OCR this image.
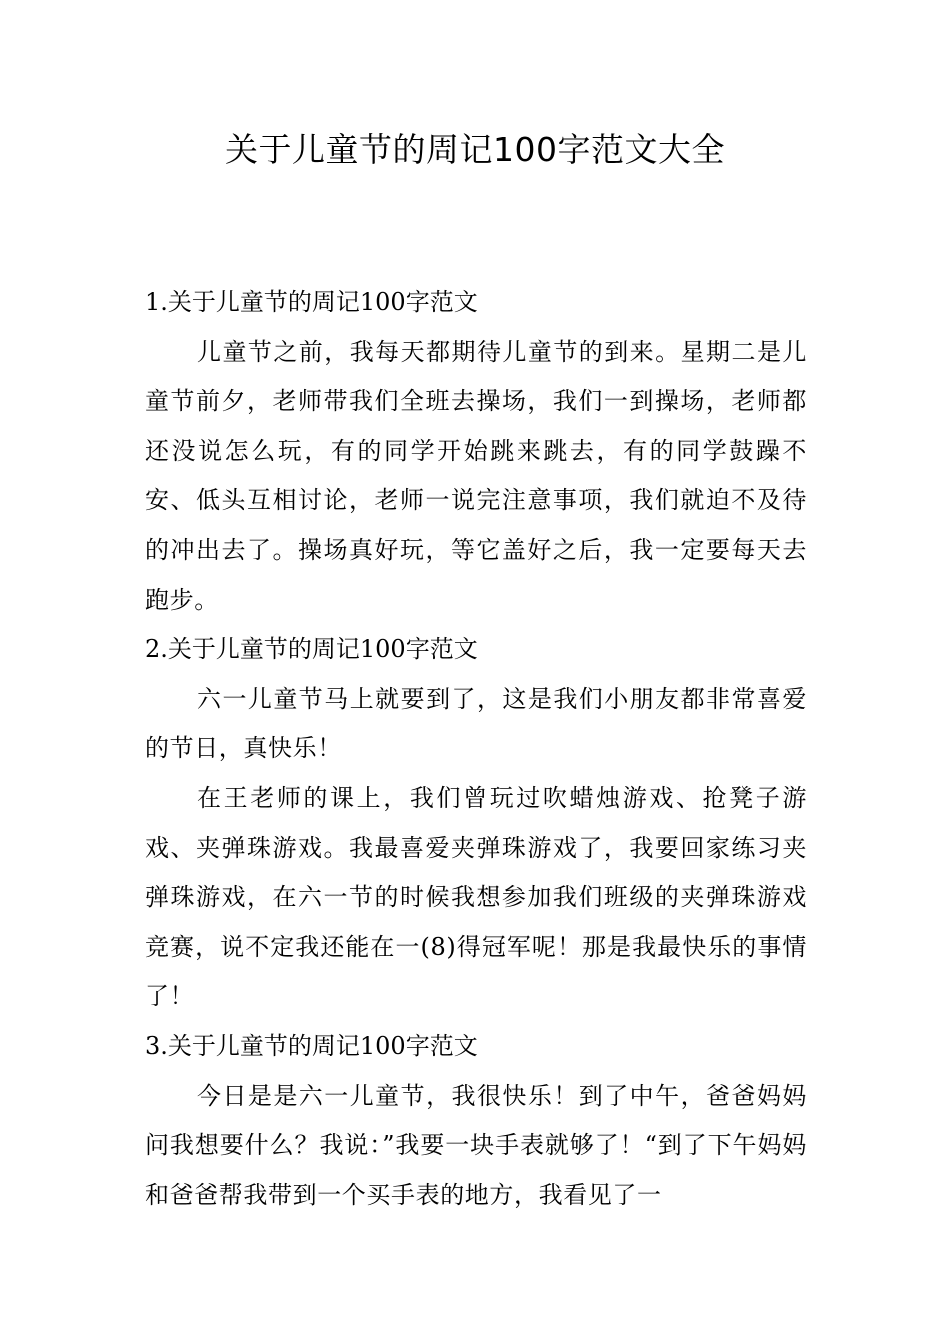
关于儿童节的周记100字范文大全
1.关于儿童节的周记100字范文

儿童节之前，我每天都期待儿童节的到来。星期二是儿童节前夕，老师带我们全班去操场，我们一到操场，老师都还没说怎么玩，有的同学开始跳来跳去，有的同学鼓躁不安、低头互相讨论，老师一说完注意事项，我们就迫不及待的冲出去了。操场真好玩，等它盖好之后，我一定要每天去跑步。

2.关于儿童节的周记100字范文

六一儿童节马上就要到了，这是我们小朋友都非常喜爱的节日，真快乐！

在王老师的课上，我们曾玩过吹蜡烛游戏、抢凳子游戏、夹弹珠游戏。我最喜爱夹弹珠游戏了，我要回家练习夹弹珠游戏，在六一节的时候我想参加我们班级的夹弹珠游戏竞赛，说不定我还能在一(8)得冠军呢！那是我最快乐的事情了！

3.关于儿童节的周记100字范文

今日是是六一儿童节，我很快乐！到了中午，爸爸妈妈问我想要什么？我说：”我要一块手表就够了！“到了下午妈妈和爸爸帮我带到一个买手表的地方，我看见了一
